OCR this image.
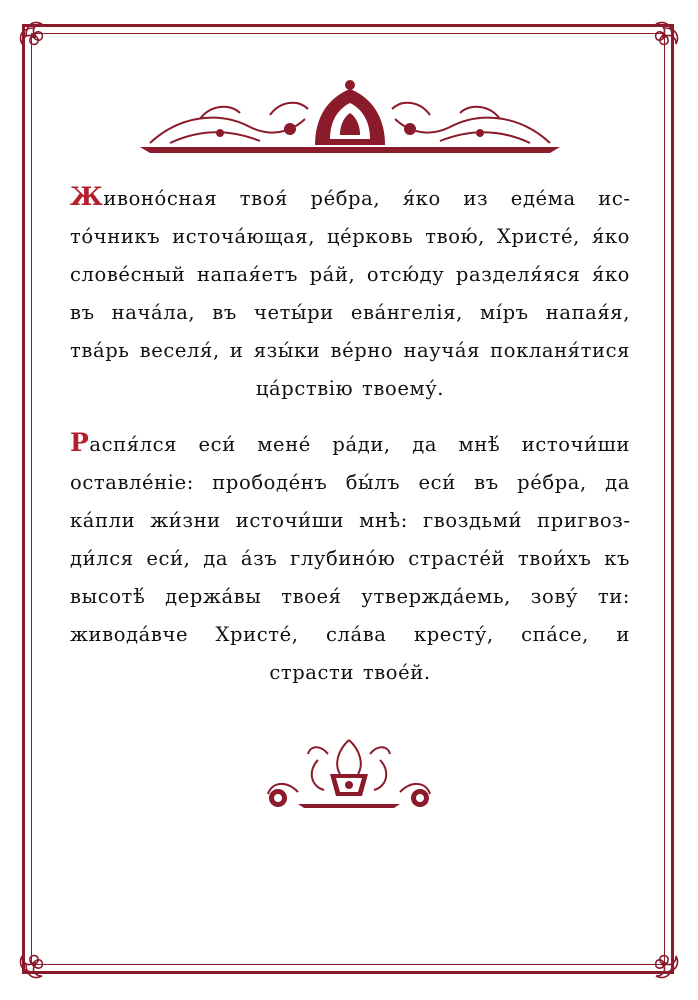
Живоно́сная твоя́ ре́бра, я́ко из еде́ма исто́чникъ источа́ющая, це́рковь твою́, Христе́, я́ко слове́сный напая́етъ ра́й, отсю́ду разделя́яся я́ко въ нача́ла, въ четы́ри ева́нгелія, мі́ръ напая́я, тва́рь веселя́, и язы́ки ве́рно науча́я покланя́тися ца́рствію твоему́.
Распя́лся еси́ мене́ ра́ди, да мнѣ́ источи́ши оставле́ніе: прободе́нъ бы́лъ еси́ въ ре́бра, да ка́пли жи́зни источи́ши мнѣ: гвоздьми́ пригвозди́лся еси́, да а́зъ глубино́ю страсте́й твои́хъ къ высотѣ́ держа́вы твоея́ утвержда́емь, зову́ ти: живода́вче Христе́, сла́ва кресту́, спа́се, и страсти твое́й.
